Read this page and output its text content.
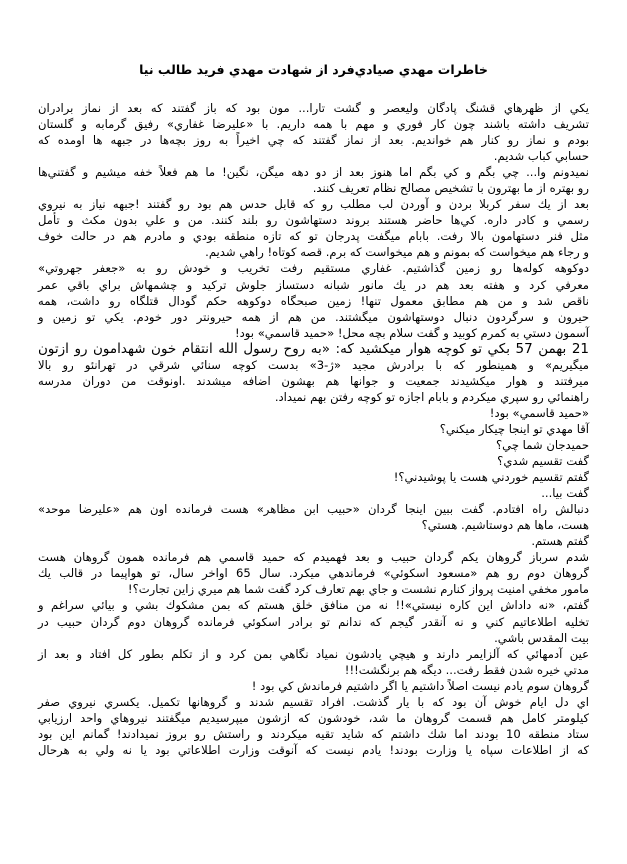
خاطرات مهدي صيادي‌فرد از شهادت مهدي فريد طالب نيا
يكي از ظهرهاي قشنگ پادگان وليعصر و گشت تارا... مون بود كه باز گفتند كه بعد از نماز برادران
تشريف داشته باشند چون كار فوري و مهم با همه داريم. با «عليرضا غفاري» رفيق گرمابه و گلستان
بودم و نماز رو كنار هم خوانديم. بعد از نماز گفتند كه چي اخيراً به روز بچه‌ها در جبهه ها اومده كه
حسابي كباب شديم.
نميدونم وا... چي بگم و كي بگم اما هنوز بعد از دو دهه ميگن، نگين! ما هم فعلاً خفه ميشيم و گفتني‌ها
رو بهتره از ما بهترون با تشخيص مصالح نظام تعريف كنند.
بعد از يك سفر كربلا بردن و آوردن لب مطلب رو كه قابل حدس هم بود رو گفتند !جبهه نياز به نيروي
رسمي و كادر داره. كي‌ها حاضر هستند بروند دستهاشون رو بلند كنند. من و علي بدون مكث و تأمل
مثل فنر دستهامون بالا رفت. بابام ميگفت پدرجان تو كه تازه منطقه بودي و مادرم هم در حالت خوف
و رجاء هم ميخواست كه بمونم و هم ميخواست كه برم. قصه كوتاه! راهي شديم.
دوكوهه كوله‌ها رو زمين گذاشتيم. غفاري مستقيم رفت تخريب و خودش رو به «جعفر جهروتي»
معرفي كرد و هفته بعد هم در يك مانور شبانه دستساز جلوش تركيد و چشمهاش براي باقي عمر
ناقص شد و من هم مطابق معمول تنها! زمين صبحگاه دوكوهه حكم گودال قتلگاه رو داشت، همه
حيرون و سرگردون دنبال دوستهاشون ميگشتند. من هم از همه حيرونتر دور خودم. يكي تو زمين و
آسمون دستي به كمرم كوبيد و گفت سلام بچه محل! «حميد قاسمي» بود!
21 بهمن 57 بكي تو كوچه هوار ميكشيد كه: «به روح رسول الله انتقام خون شهدامون رو ازتون
ميگيريم» و همينطور كه با برادرش مجيد «ژ-3» بدست كوچه سنائي شرقي در تهرانئو رو بالا
ميرفتند و هوار ميكشيدند جمعيت و جوانها هم بهشون اضافه ميشدند .اونوقت من دوران مدرسه
راهنمائي رو سپري ميكردم و بابام اجازه تو كوچه رفتن بهم نميداد.
«حميد قاسمي» بود!
آقا مهدي تو اينجا چيكار ميكني؟
حميدجان شما چي؟
گفت تقسيم شدي؟
گفتم تقسيم خوردني هست يا پوشيدني؟!
گفت بيا...
دنبالش راه افتادم. گفت ببين اينجا گردان «حبيب ابن مظاهر» هست فرمانده اون هم «عليرضا موحد»
هست، ماها هم دوستاشيم. هستي؟
گفتم هستم.
شدم سرباز گروهان يكم گردان حبيب و بعد فهميدم كه حميد قاسمي هم فرمانده همون گروهان هست
گروهان دوم رو هم «مسعود اسكوئي» فرماندهي ميكرد. سال 65 اواخر سال، تو هواپيما در قالب يك
مامور مخفي امنيت پرواز كنارم نشست و جاي بهم تعارف كرد گفت شما هم ميري زاين تجارت؟!
گفتم، «نه داداش اين كاره نيستي»!! نه من منافق خلق هستم كه بمن مشكوك بشي و بيائي سراغم و
تخليه اطلاعاتيم كني و نه آنقدر گيجم كه ندانم تو برادر اسكوئي فرمانده گروهان دوم گردان حبيب در
بيت المقدس باشي.
عين آدمهائي كه آلزايمر دارند و هيچي يادشون نمياد نگاهي بمن كرد و از تكلم بطور كل افتاد و بعد از
مدتي خيره شدن فقط رفت... ديگه هم برنگشت!!!
گروهان سوم يادم نيست اصلاً داشتيم يا اگر داشتيم فرماندش كي بود !
اي دل ايام خوش آن بود كه با يار گذشت. افراد تقسيم شدند و گروهانها تكميل. يكسري نيروي صفر
كيلومتر كامل هم قسمت گروهان ما شد، خودشون كه ازشون ميپرسيديم ميگفتند نيروهاي واحد ارزيابي
ستاد منطقه 10 بودند اما شك داشتم كه شايد تقيه ميكردند و راستش رو بروز نميدادند! گمانم اين بود
كه از اطلاعات سپاه يا وزارت بودند! يادم نيست كه آنوقت وزارت اطلاعاتي بود يا نه ولي به هرحال
